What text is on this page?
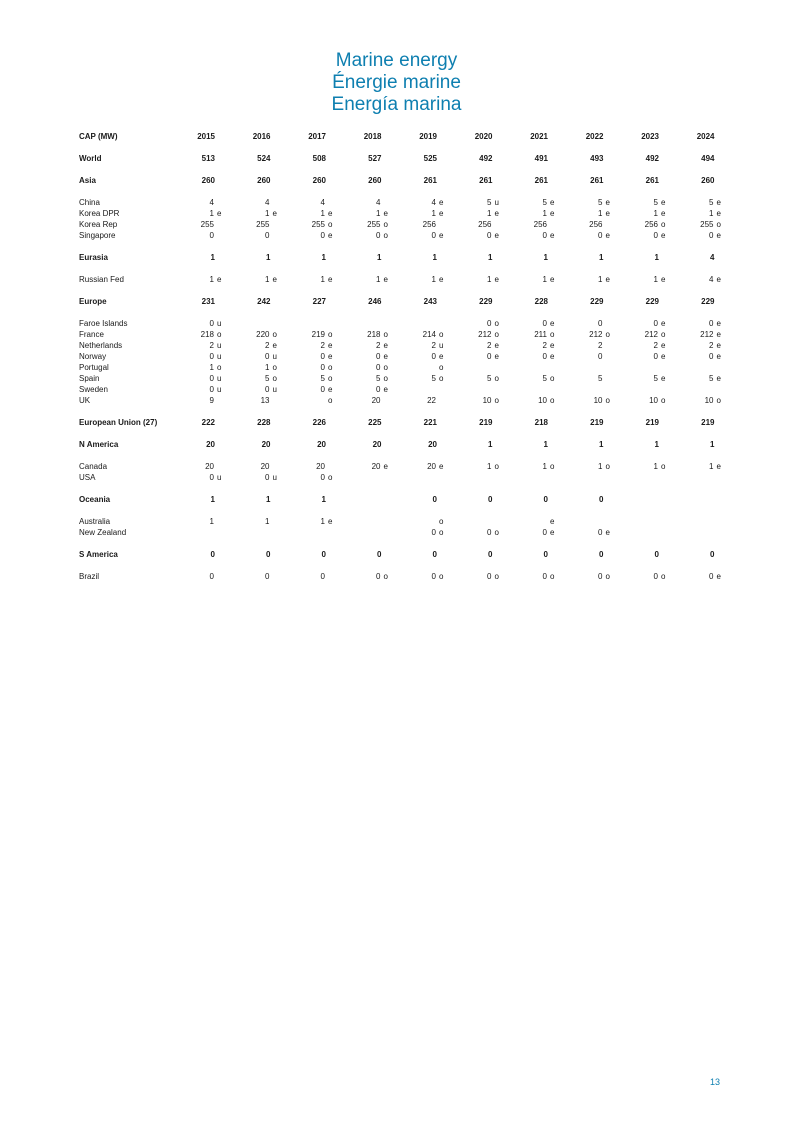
Marine energy
Énergie marine
Energía marina
CAP (MW)	2015	2016	2017	2018	2019	2020	2021	2022	2023	2024

World	513	524	508	527	525	492	491	493	492	494

Asia	260	260	260	260	261	261	261	261	261	260

China	4	4	4	4	4 e	5 u	5 e	5 e	5 e	5 e
Korea DPR	1 e	1 e	1 e	1 e	1 e	1 e	1 e	1 e	1 e	1 e
Korea Rep	255	255	255 o	255 o	256	256	256	256	256 o	255 o
Singapore	0	0	0 e	0 o	0 e	0 e	0 e	0 e	0 e	0 e

Eurasia	1	1	1	1	1	1	1	1	1	4

Russian Fed	1 e	1 e	1 e	1 e	1 e	1 e	1 e	1 e	1 e	4 e

Europe	231	242	227	246	243	229	228	229	229	229

Faroe Islands	0 u					0 o	0 e	0	0 e	0 e
France	218 o	220 o	219 o	218 o	214 o	212 o	211 o	212 o	212 o	212 e
Netherlands	2 u	2 e	2 e	2 e	2 u	2 e	2 e	2	2 e	2 e
Norway	0 u	0 u	0 e	0 e	0 e	0 e	0 e	0	0 e	0 e
Portugal	1 o	1 o	0 o	0 o	o					
Spain	0 u	5 o	5 o	5 o	5 o	5 o	5 o	5	5 e	5 e
Sweden	0 u	0 u	0 e	0 e						
UK	9	13	o	20	22	10 o	10 o	10 o	10 o	10 o

European Union (27)	222	228	226	225	221	219	218	219	219	219

N America	20	20	20	20	20	1	1	1	1	1

Canada	20	20	20	20 e	20 e	1 o	1 o	1 o	1 o	1 e
USA	0 u	0 u	0 o							

Oceania	1	1	1		0	0	0	0		

Australia	1	1	1 e		o		e			
New Zealand					0 o	0 o	0 e	0 e		

S America	0	0	0	0	0	0	0	0	0	0

Brazil	0	0	0	0 o	0 o	0 o	0 o	0 o	0 o	0 e
13
